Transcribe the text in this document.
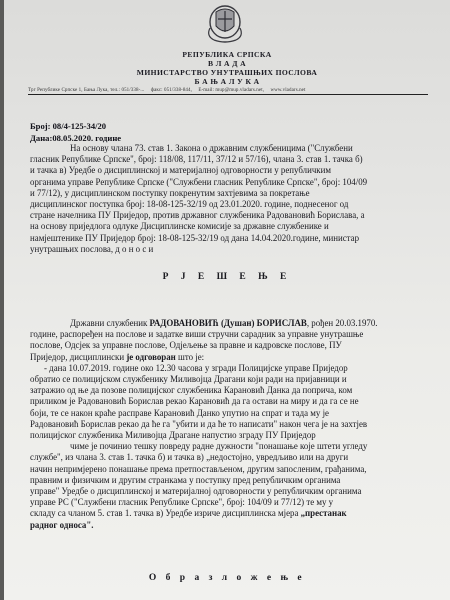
РЕПУБЛИКА СРПСКА
В Л А Д А
МИНИСТАРСТВО УНУТРАШЊИХ ПОСЛОВА
Б А Њ А Л У К А
Трг Републике Српске 1, Бања Лука, тел.: 051/338-... факс: 051/338-844, Е-mail: mup@mup.vladars.net, www.vladars.net
Број: 08/4-125-34/20
Дана:08.05.2020. године
На основу члана 73. став 1. Закона о државним службеницима ("Службени
гласник Републике Српске", број: 118/08, 117/11, 37/12 и 57/16), члана 3. став 1. тачка б)
и тачка в) Уредбе о дисциплинској и материјалној одговорности у републичким
органима управе Републике Српске ("Службени гласник Републике Српске", број: 104/09
и 77/12), у дисциплинском поступку покренутим захтјевима за покретање
дисциплинског поступка број: 18-08-125-32/19 од 23.01.2020. године, поднесеног од
стране начелника ПУ Приједор, против државног службеника Радовановић Борислава, а
на основу приједлога одлуке Дисциплинске комисије за државне службенике и
намјештенике ПУ Приједор број: 18-08-125-32/19 од дана 14.04.2020.године, министар
унутрашњих послова, д о н о с и
Р Ј Е Ш Е Њ Е
Државни службеник РАДОВАНОВИЋ (Душан) БОРИСЛАВ, рођен 20.03.1970.
године, распоређен на послове и задатке виши стручни сарадник за управне унутрашње
послове, Одсјек за управне послове, Одјељење за правне и кадровске послове, ПУ
Приједор, дисциплински је одговоран што је:
- дана 10.07.2019. године око 12.30 часова у згради Полицијске управе Приједор
обратио се полицијском службенику Миливојца Драгани који ради на пријавници и
затражио од ње да позове полицијског службеника Карановић Данка да поприча, ком
приликом је Радовановић Борислав рекао Карановић да га остави на миру и да га се не
боји, те се након краће расправе Карановић Данко упутио на спрат и тада му је
Радовановић Борислав рекао да ће га "убити и да ће то написати" након чега је на захтјев
полицијског службеника Миливојца Драгане напустио зграду ПУ Приједор
чиме је починио тешку повреду радне дужности "понашање које штети угледу
службе", из члана 3. став 1. тачка б) и тачка в) „недостојно, увредљиво или на други
начин непримјерено понашање према претпостављеном, другим запосленим, грађанима,
правним и физичким и другим странкама у поступку пред републичким органима
управе" Уредбе о дисциплинској и материјалној одговорности у републичким органима
управе РС ("Службени гласник Републике Српске", број: 104/09 и 77/12) те му у
складу са чланом 5. став 1. тачка в) Уредбе изриче дисциплинска мјера „престанак
радног односа".
О б р а з л о ж е њ е
